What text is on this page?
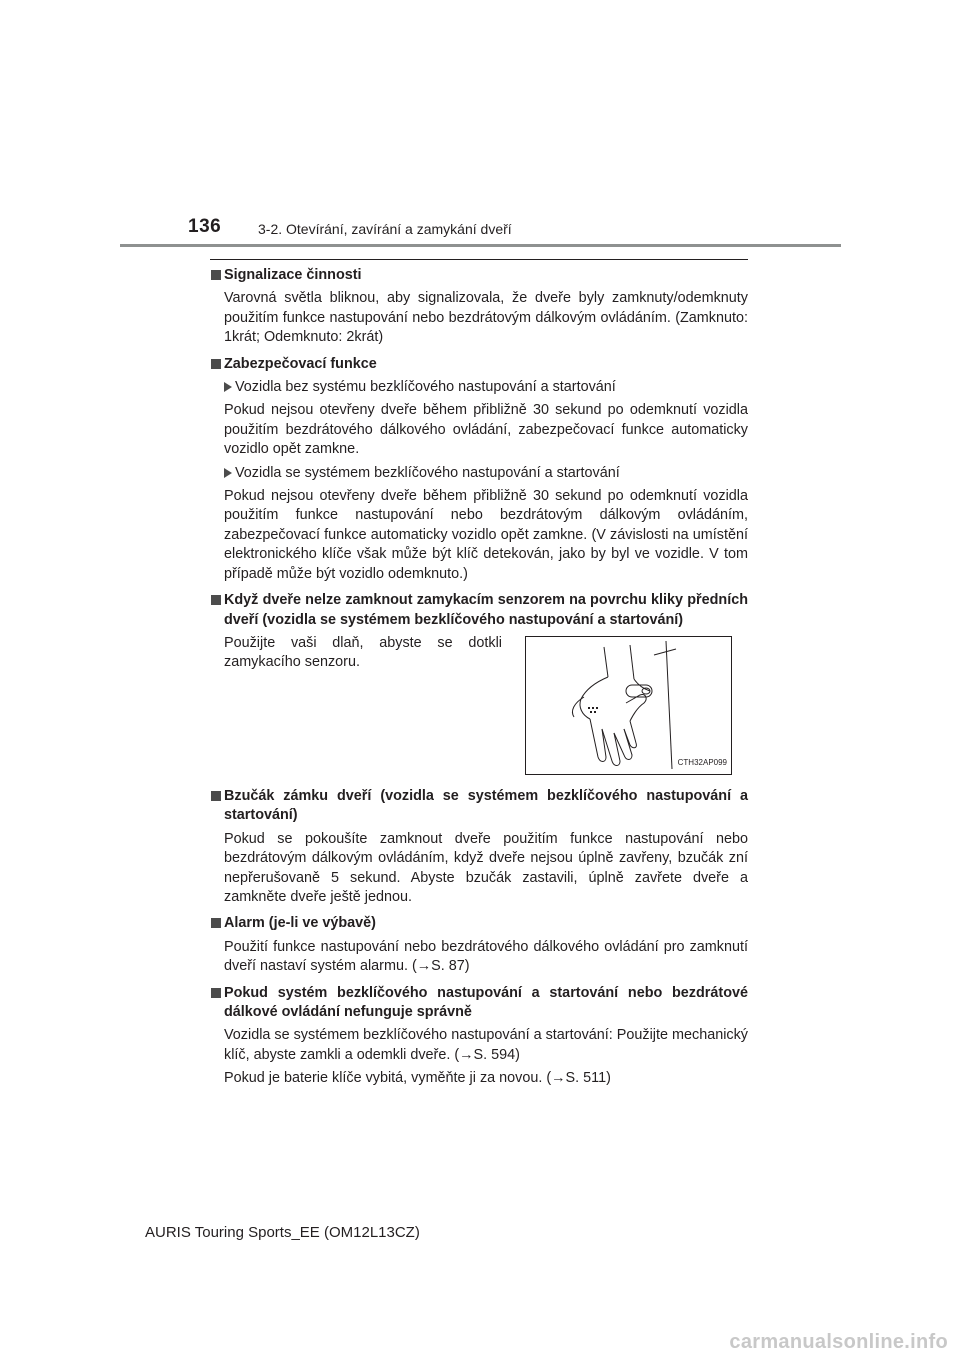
136	3-2. Otevírání, zavírání a zamykání dveří

Signalizace činnosti

Varovná světla bliknou, aby signalizovala, že dveře byly zamknuty/odemknuty použitím funkce nastupování nebo bezdrátovým dálkovým ovládáním. (Zamknuto: 1krát; Odemknuto: 2krát)

Zabezpečovací funkce

Vozidla bez systému bezklíčového nastupování a startování

Pokud nejsou otevřeny dveře během přibližně 30 sekund po odemknutí vozidla použitím bezdrátového dálkového ovládání, zabezpečovací funkce automaticky vozidlo opět zamkne.

Vozidla se systémem bezklíčového nastupování a startování

Pokud nejsou otevřeny dveře během přibližně 30 sekund po odemknutí vozidla použitím funkce nastupování nebo bezdrátovým dálkovým ovládáním, zabezpečovací funkce automaticky vozidlo opět zamkne. (V závislosti na umístění elektronického klíče však může být klíč detekován, jako by byl ve vozidle. V tom případě může být vozidlo odemknuto.)

Když dveře nelze zamknout zamykacím senzorem na povrchu kliky předních dveří (vozidla se systémem bezklíčového nastupování a startování)

Použijte vaši dlaň, abyste se dotkli zamykacího senzoru.
CTH32AP099

Bzučák zámku dveří (vozidla se systémem bezklíčového nastupování a startování)

Pokud se pokoušíte zamknout dveře použitím funkce nastupování nebo bezdrátovým dálkovým ovládáním, když dveře nejsou úplně zavřeny, bzučák zní nepřerušovaně 5 sekund. Abyste bzučák zastavili, úplně zavřete dveře a zamkněte dveře ještě jednou.

Alarm (je-li ve výbavě)

Použití funkce nastupování nebo bezdrátového dálkového ovládání pro zamknutí dveří nastaví systém alarmu. (→S. 87)

Pokud systém bezklíčového nastupování a startování nebo bezdrátové dálkové ovládání nefunguje správně

Vozidla se systémem bezklíčového nastupování a startování: Použijte mechanický klíč, abyste zamkli a odemkli dveře. (→S. 594)

Pokud je baterie klíče vybitá, vyměňte ji za novou. (→S. 511)

AURIS Touring Sports_EE (OM12L13CZ)
carmanualsonline.info
